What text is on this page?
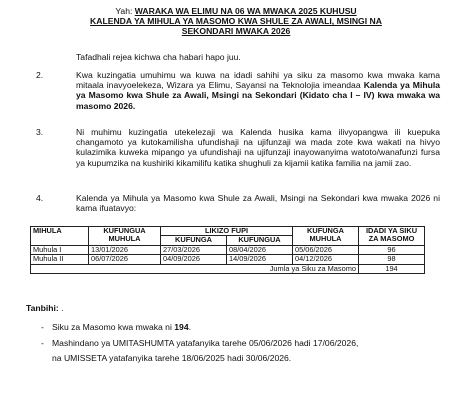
Yah: WARAKA WA ELIMU NA 06 WA MWAKA 2025 KUHUSU
KALENDA YA MIHULA YA MASOMO KWA SHULE ZA AWALI, MSINGI NA
SEKONDARI MWAKA 2026
Tafadhali rejea kichwa cha habari hapo juu.
2.	Kwa kuzingatia umuhimu wa kuwa na idadi sahihi ya siku za masomo kwa mwaka kama mitaala inavyoelekeza, Wizara ya Elimu, Sayansi na Teknolojia imeandaa Kalenda ya Mihula ya Masomo kwa Shule za Awali, Msingi na Sekondari (Kidato cha I – IV) kwa mwaka wa masomo 2026.
3.	Ni muhimu kuzingatia utekelezaji wa Kalenda husika kama ilivyopangwa ili kuepuka changamoto ya kutokamilisha ufundishaji na ujifunzaji wa mada zote kwa wakati na hivyo kulazimika kuweka mipango ya ufundishaji na ujifunzaji inayowanyima watoto/wanafunzi fursa ya kupumzika na kushiriki kikamilifu katika shughuli za kijamii katika familia na jamii zao.
4.	Kalenda ya Mihula ya Masomo kwa Shule za Awali, Msingi na Sekondari kwa mwaka 2026 ni kama ifuatavyo:
MIHULA	KUFUNGUA MUHULA	LIKIZO FUPI		KUFUNGA MUHULA	IDADI YA SIKU ZA MASOMO
		KUFUNGA	KUFUNGUA		
Muhula I	13/01/2026	27/03/2026	08/04/2026	05/06/2026	96
Muhula II	06/07/2026	04/09/2026	14/09/2026	04/12/2026	98
Jumla ya Siku za Masomo					194
Tanbihi: .
- Siku za Masomo kwa mwaka ni 194.
- Mashindano ya UMITASHUMTA yatafanyika tarehe 05/06/2026 hadi 17/06/2026,
na UMISSETA yatafanyika tarehe 18/06/2025 hadi 30/06/2026.
